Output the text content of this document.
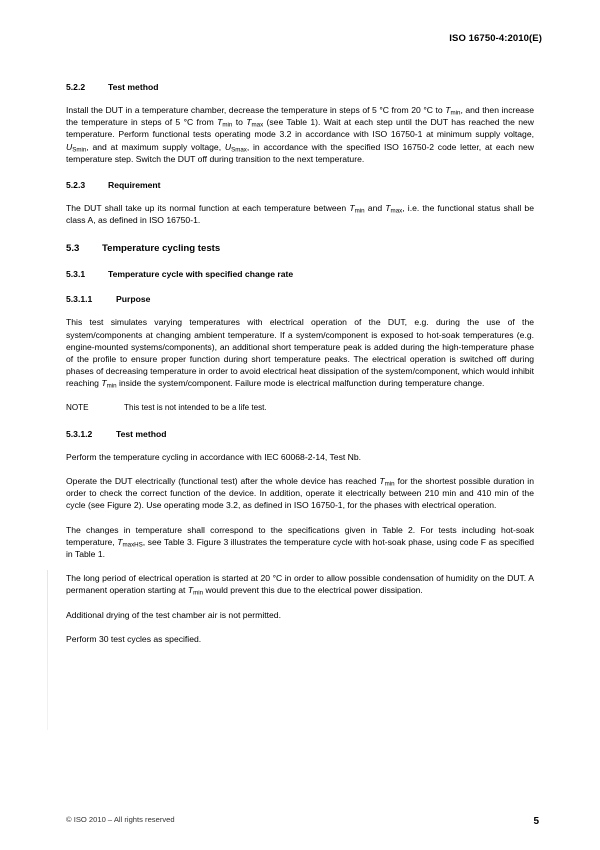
ISO 16750-4:2010(E)
5.2.2	Test method

Install the DUT in a temperature chamber, decrease the temperature in steps of 5 °C from 20 °C to $T_{min}$, and then increase the temperature in steps of 5 °C from $T_{min}$ to $T_{max}$ (see Table 1). Wait at each step until the DUT has reached the new temperature. Perform functional tests operating mode 3.2 in accordance with ISO 16750-1 at minimum supply voltage, $U_{Smin}$, and at maximum supply voltage, $U_{Smax}$, in accordance with the specified ISO 16750-2 code letter, at each new temperature step. Switch the DUT off during transition to the next temperature.

5.2.3	Requirement

The DUT shall take up its normal function at each temperature between $T_{min}$ and $T_{max}$, i.e. the functional status shall be class A, as defined in ISO 16750-1.

5.3 Temperature cycling tests
5.3.1	Temperature cycle with specified change rate
5.3.1.1	Purpose

This test simulates varying temperatures with electrical operation of the DUT, e.g. during the use of the system/components at changing ambient temperature. If a system/component is exposed to hot-soak temperatures (e.g. engine-mounted systems/components), an additional short temperature peak is added during the high-temperature phase of the profile to ensure proper function during short temperature peaks. The electrical operation is switched off during phases of decreasing temperature in order to avoid electrical heat dissipation of the system/component, which would inhibit reaching $T_{min}$ inside the system/component. Failure mode is electrical malfunction during temperature change.

NOTE	This test is not intended to be a life test.

5.3.1.2	Test method

Perform the temperature cycling in accordance with IEC 60068-2-14, Test Nb.

Operate the DUT electrically (functional test) after the whole device has reached $T_{min}$ for the shortest possible duration in order to check the correct function of the device. In addition, operate it electrically between 210 min and 410 min of the cycle (see Figure 2). Use operating mode 3.2, as defined in ISO 16750-1, for the phases with electrical operation.

The changes in temperature shall correspond to the specifications given in Table 2. For tests including hot-soak temperature, $T_{maxHS}$, see Table 3. Figure 3 illustrates the temperature cycle with hot-soak phase, using code F as specified in Table 1.

The long period of electrical operation is started at 20 °C in order to allow possible condensation of humidity on the DUT. A permanent operation starting at $T_{min}$ would prevent this due to the electrical power dissipation.

Additional drying of the test chamber air is not permitted.

Perform 30 test cycles as specified.

© ISO 2010 – All rights reserved	5
